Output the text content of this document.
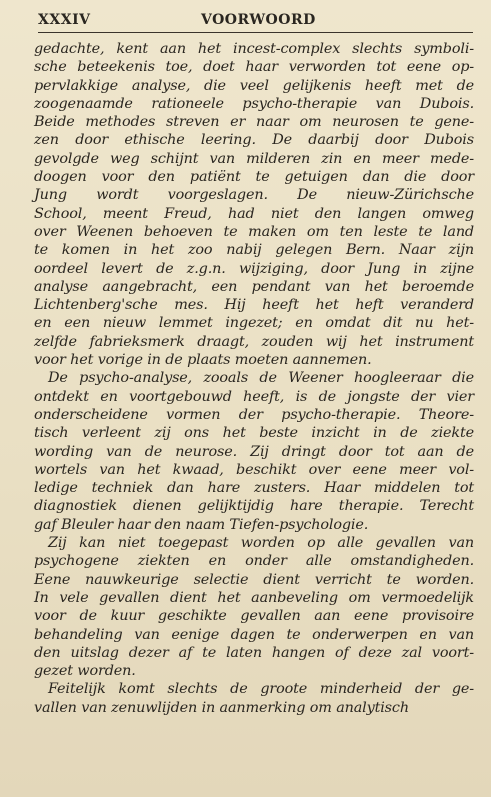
XXXIV	VOORWOORD

gedachte, kent aan het incest-complex slechts symboli-
sche beteekenis toe, doet haar verworden tot eene op-
pervlakkige analyse, die veel gelijkenis heeft met de
zoogenaamde rationeele psycho-therapie van Dubois.
Beide methodes streven er naar om neurosen te gene-
zen door ethische leering. De daarbij door Dubois
gevolgde weg schijnt van milderen zin en meer mede-
doogen voor den patiënt te getuigen dan die door
Jung wordt voorgeslagen. De nieuw-Zürichsche
School, meent Freud, had niet den langen omweg
over Weenen behoeven te maken om ten leste te land
te komen in het zoo nabij gelegen Bern. Naar zijn
oordeel levert de z.g.n. wijziging, door Jung in zijne
analyse aangebracht, een pendant van het beroemde
Lichtenberg'sche mes. Hij heeft het heft veranderd
en een nieuw lemmet ingezet; en omdat dit nu het-
zelfde fabrieksmerk draagt, zouden wij het instrument
voor het vorige in de plaats moeten aannemen.

De psycho-analyse, zooals de Weener hoogleeraar die
ontdekt en voortgebouwd heeft, is de jongste der vier
onderscheidene vormen der psycho-therapie. Theore-
tisch verleent zij ons het beste inzicht in de ziekte
wording van de neurose. Zij dringt door tot aan de
wortels van het kwaad, beschikt over eene meer vol-
ledige techniek dan hare zusters. Haar middelen tot
diagnostiek dienen gelijktijdig hare therapie. Terecht
gaf Bleuler haar den naam Tiefen-psychologie.

Zij kan niet toegepast worden op alle gevallen van
psychogene ziekten en onder alle omstandigheden.
Eene nauwkeurige selectie dient verricht te worden.
In vele gevallen dient het aanbeveling om vermoedelijk
voor de kuur geschikte gevallen aan eene provisoire
behandeling van eenige dagen te onderwerpen en van
den uitslag dezer af te laten hangen of deze zal voort-
gezet worden.

Feitelijk komt slechts de groote minderheid der ge-
vallen van zenuwlijden in aanmerking om analytisch
